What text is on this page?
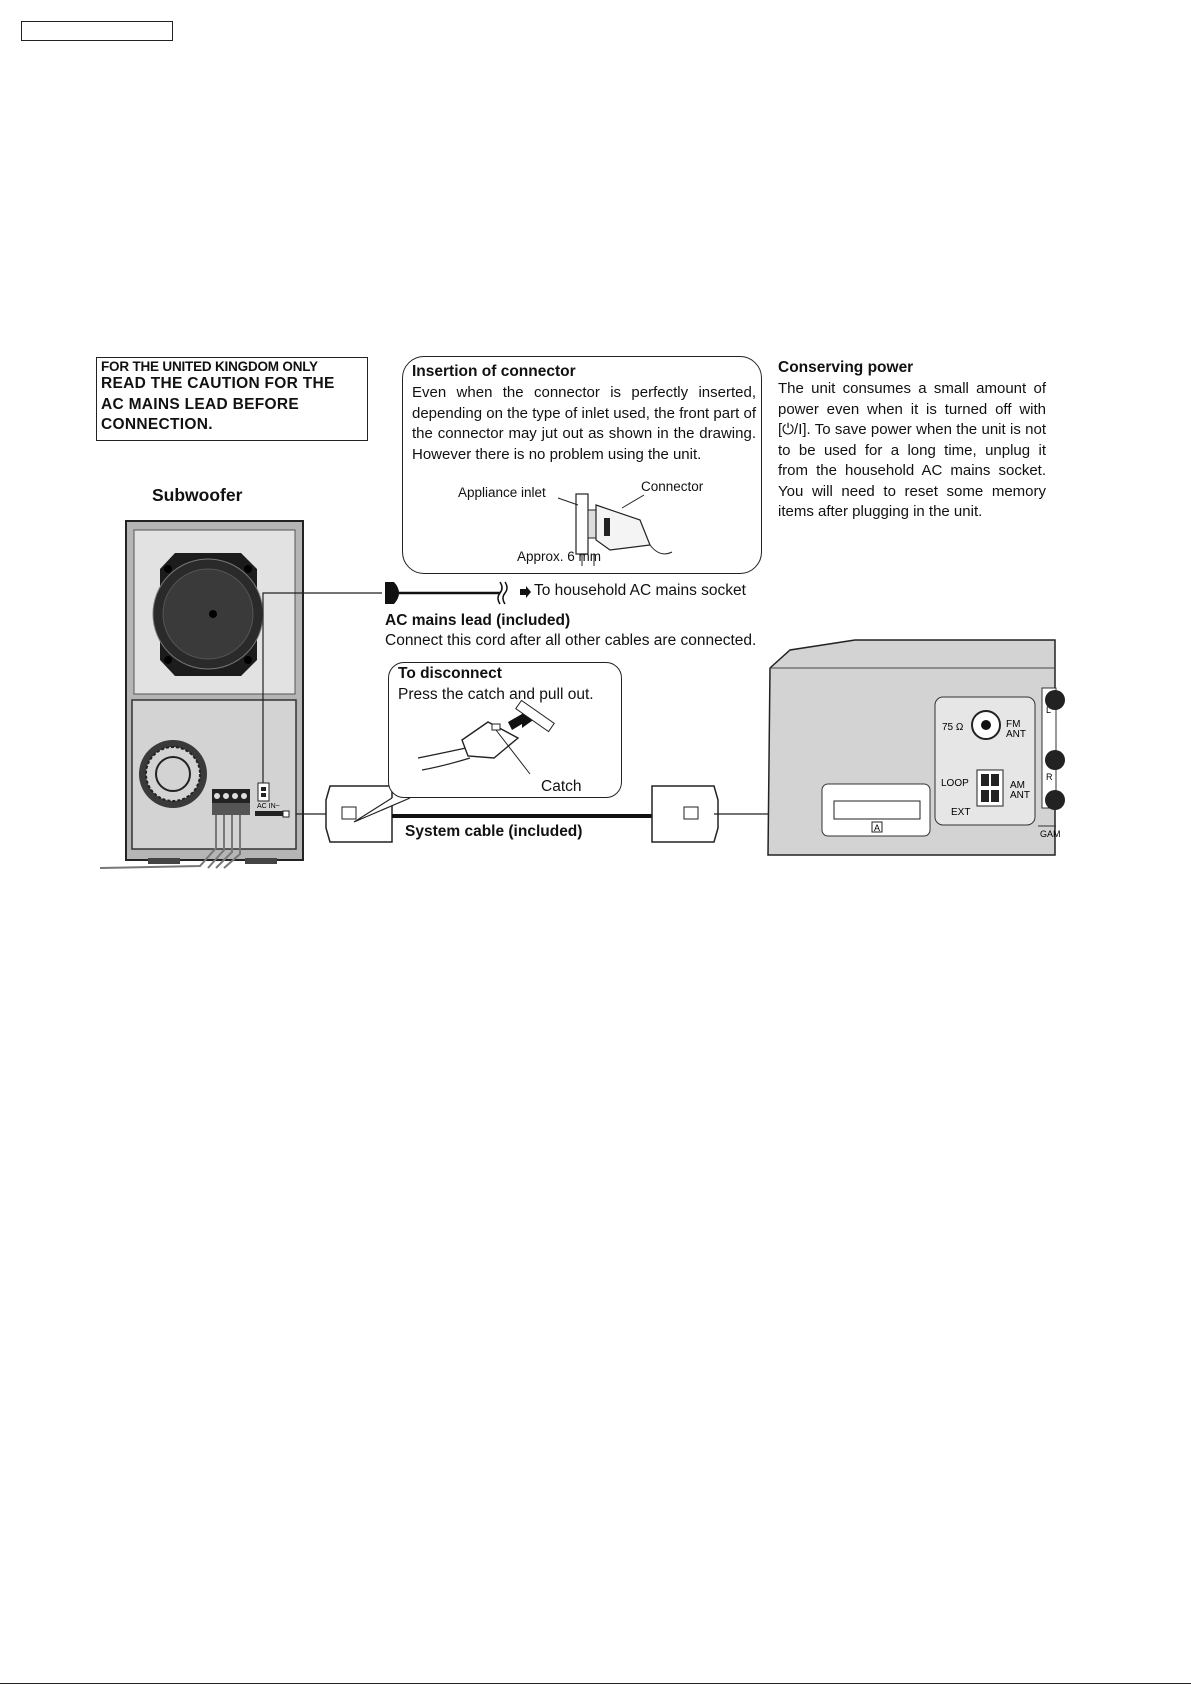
75 Ω	FM
ANT
LOOP
EXT
AM
ANT
L
R
GAM
A
AC IN~
FOR THE UNITED KINGDOM ONLY
READ THE CAUTION FOR THE
AC MAINS LEAD BEFORE
CONNECTION.
Insertion of connector
Even when the connector is perfectly inserted, depending on the type of inlet used, the front part of the connector may jut out as shown in the drawing. However there is no problem using the unit.
Appliance inlet	Connector
Approx. 6 mm
Conserving power
The unit consumes a small amount of power even when it is turned off with [⏻/I]. To save power when the unit is not to be used for a long time, unplug it from the household AC mains socket. You will need to reset some memory items after plugging in the unit.
Subwoofer
To household AC mains socket
AC mains lead (included)
Connect this cord after all other cables are connected.
To disconnect
Press the catch and pull out.
Catch
System cable (included)
